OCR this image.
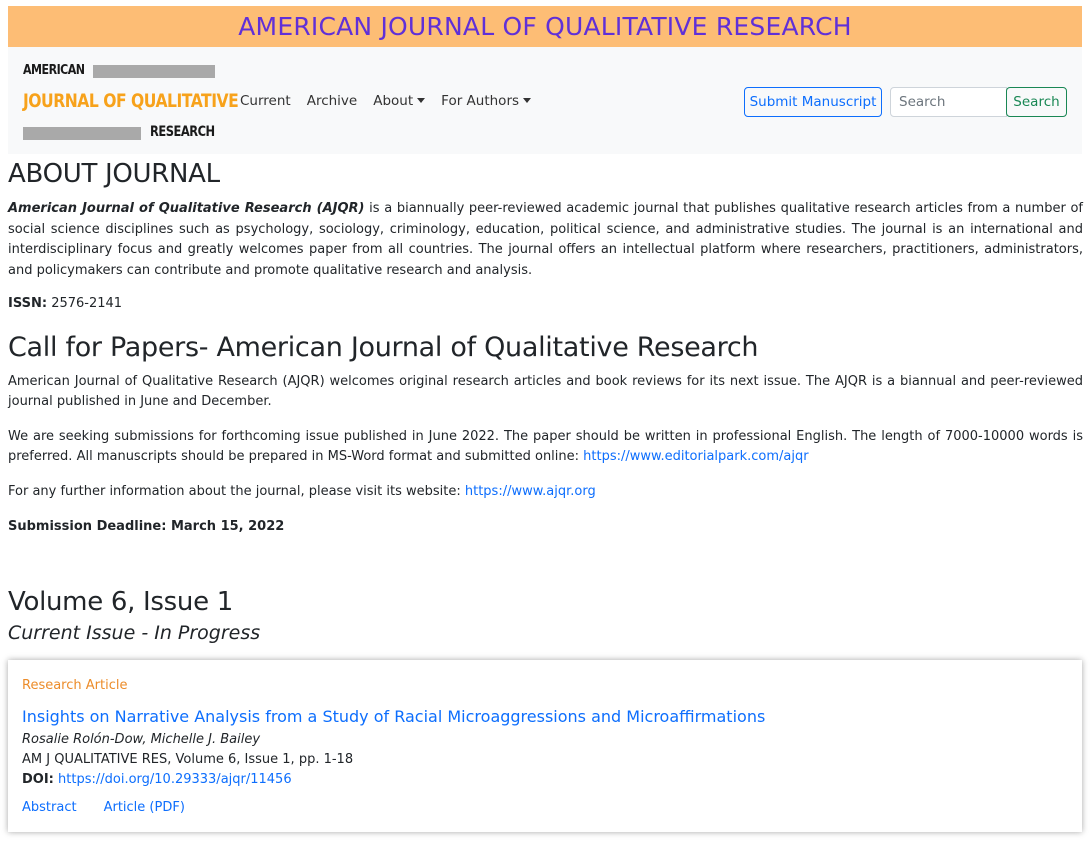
AMERICAN JOURNAL OF QUALITATIVE RESEARCH
AMERICAN
JOURNAL OF QUALITATIVE
RESEARCH
Current Archive About	For Authors	Submit Manuscript
Search	Search
ABOUT JOURNAL

American Journal of Qualitative Research (AJQR) is a biannually peer-reviewed academic journal that publishes qualitative research articles from a number of social science disciplines such as psychology, sociology, criminology, education, political science, and administrative studies. The journal is an international and interdisciplinary focus and greatly welcomes paper from all countries. The journal offers an intellectual platform where researchers, practitioners, administrators, and policymakers can contribute and promote qualitative research and analysis.

ISSN: 2576-2141

Call for Papers- American Journal of Qualitative Research

American Journal of Qualitative Research (AJQR) welcomes original research articles and book reviews for its next issue. The AJQR is a biannual and peer-reviewed journal published in June and December.

We are seeking submissions for forthcoming issue published in June 2022. The paper should be written in professional English. The length of 7000-10000 words is preferred. All manuscripts should be prepared in MS-Word format and submitted online: https://www.editorialpark.com/ajqr

For any further information about the journal, please visit its website: https://www.ajqr.org

Submission Deadline: March 15, 2022

Volume 6, Issue 1
Current Issue - In Progress
Research Article
Insights on Narrative Analysis from a Study of Racial Microaggressions and Microaffirmations
Rosalie Rolón-Dow, Michelle J. Bailey
AM J QUALITATIVE RES, Volume 6, Issue 1, pp. 1-18
DOI: https://doi.org/10.29333/ajqr/11456
Abstract Article (PDF)
